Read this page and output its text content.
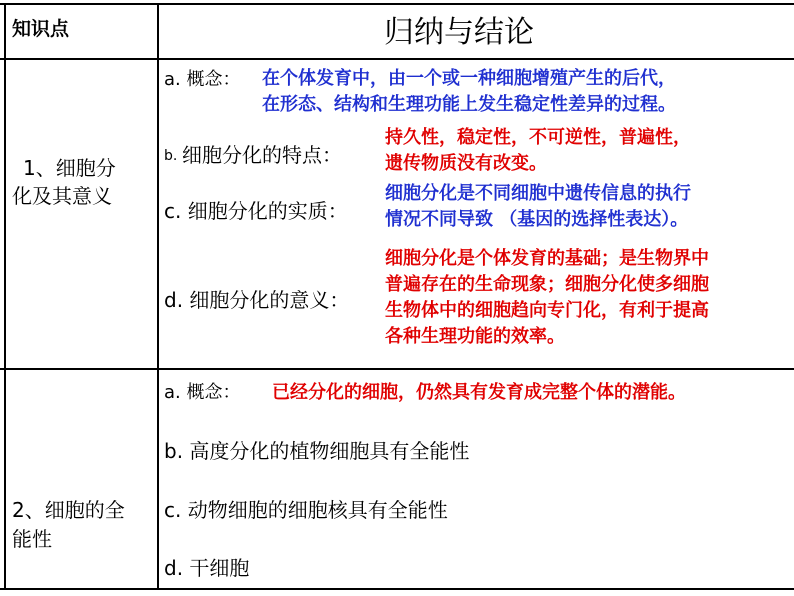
知识点	归纳与结论
1、细胞分
化及其意义
a. 概念： 在个体发育中，由一个或一种细胞增殖产生的后代，
在形态、结构和生理功能上发生稳定性差异的过程。
b. 细胞分化的特点：
持久性，稳定性，不可逆性，普遍性，
遗传物质没有改变。
c. 细胞分化的实质：
细胞分化是不同细胞中遗传信息的执行
情况不同导致 （基因的选择性表达）。
d. 细胞分化的意义：
细胞分化是个体发育的基础；是生物界中
普遍存在的生命现象；细胞分化使多细胞
生物体中的细胞趋向专门化，有利于提高
各种生理功能的效率。
2、细胞的全
能性
a. 概念： 已经分化的细胞，仍然具有发育成完整个体的潜能。
b. 高度分化的植物细胞具有全能性
c. 动物细胞的细胞核具有全能性
d. 干细胞
